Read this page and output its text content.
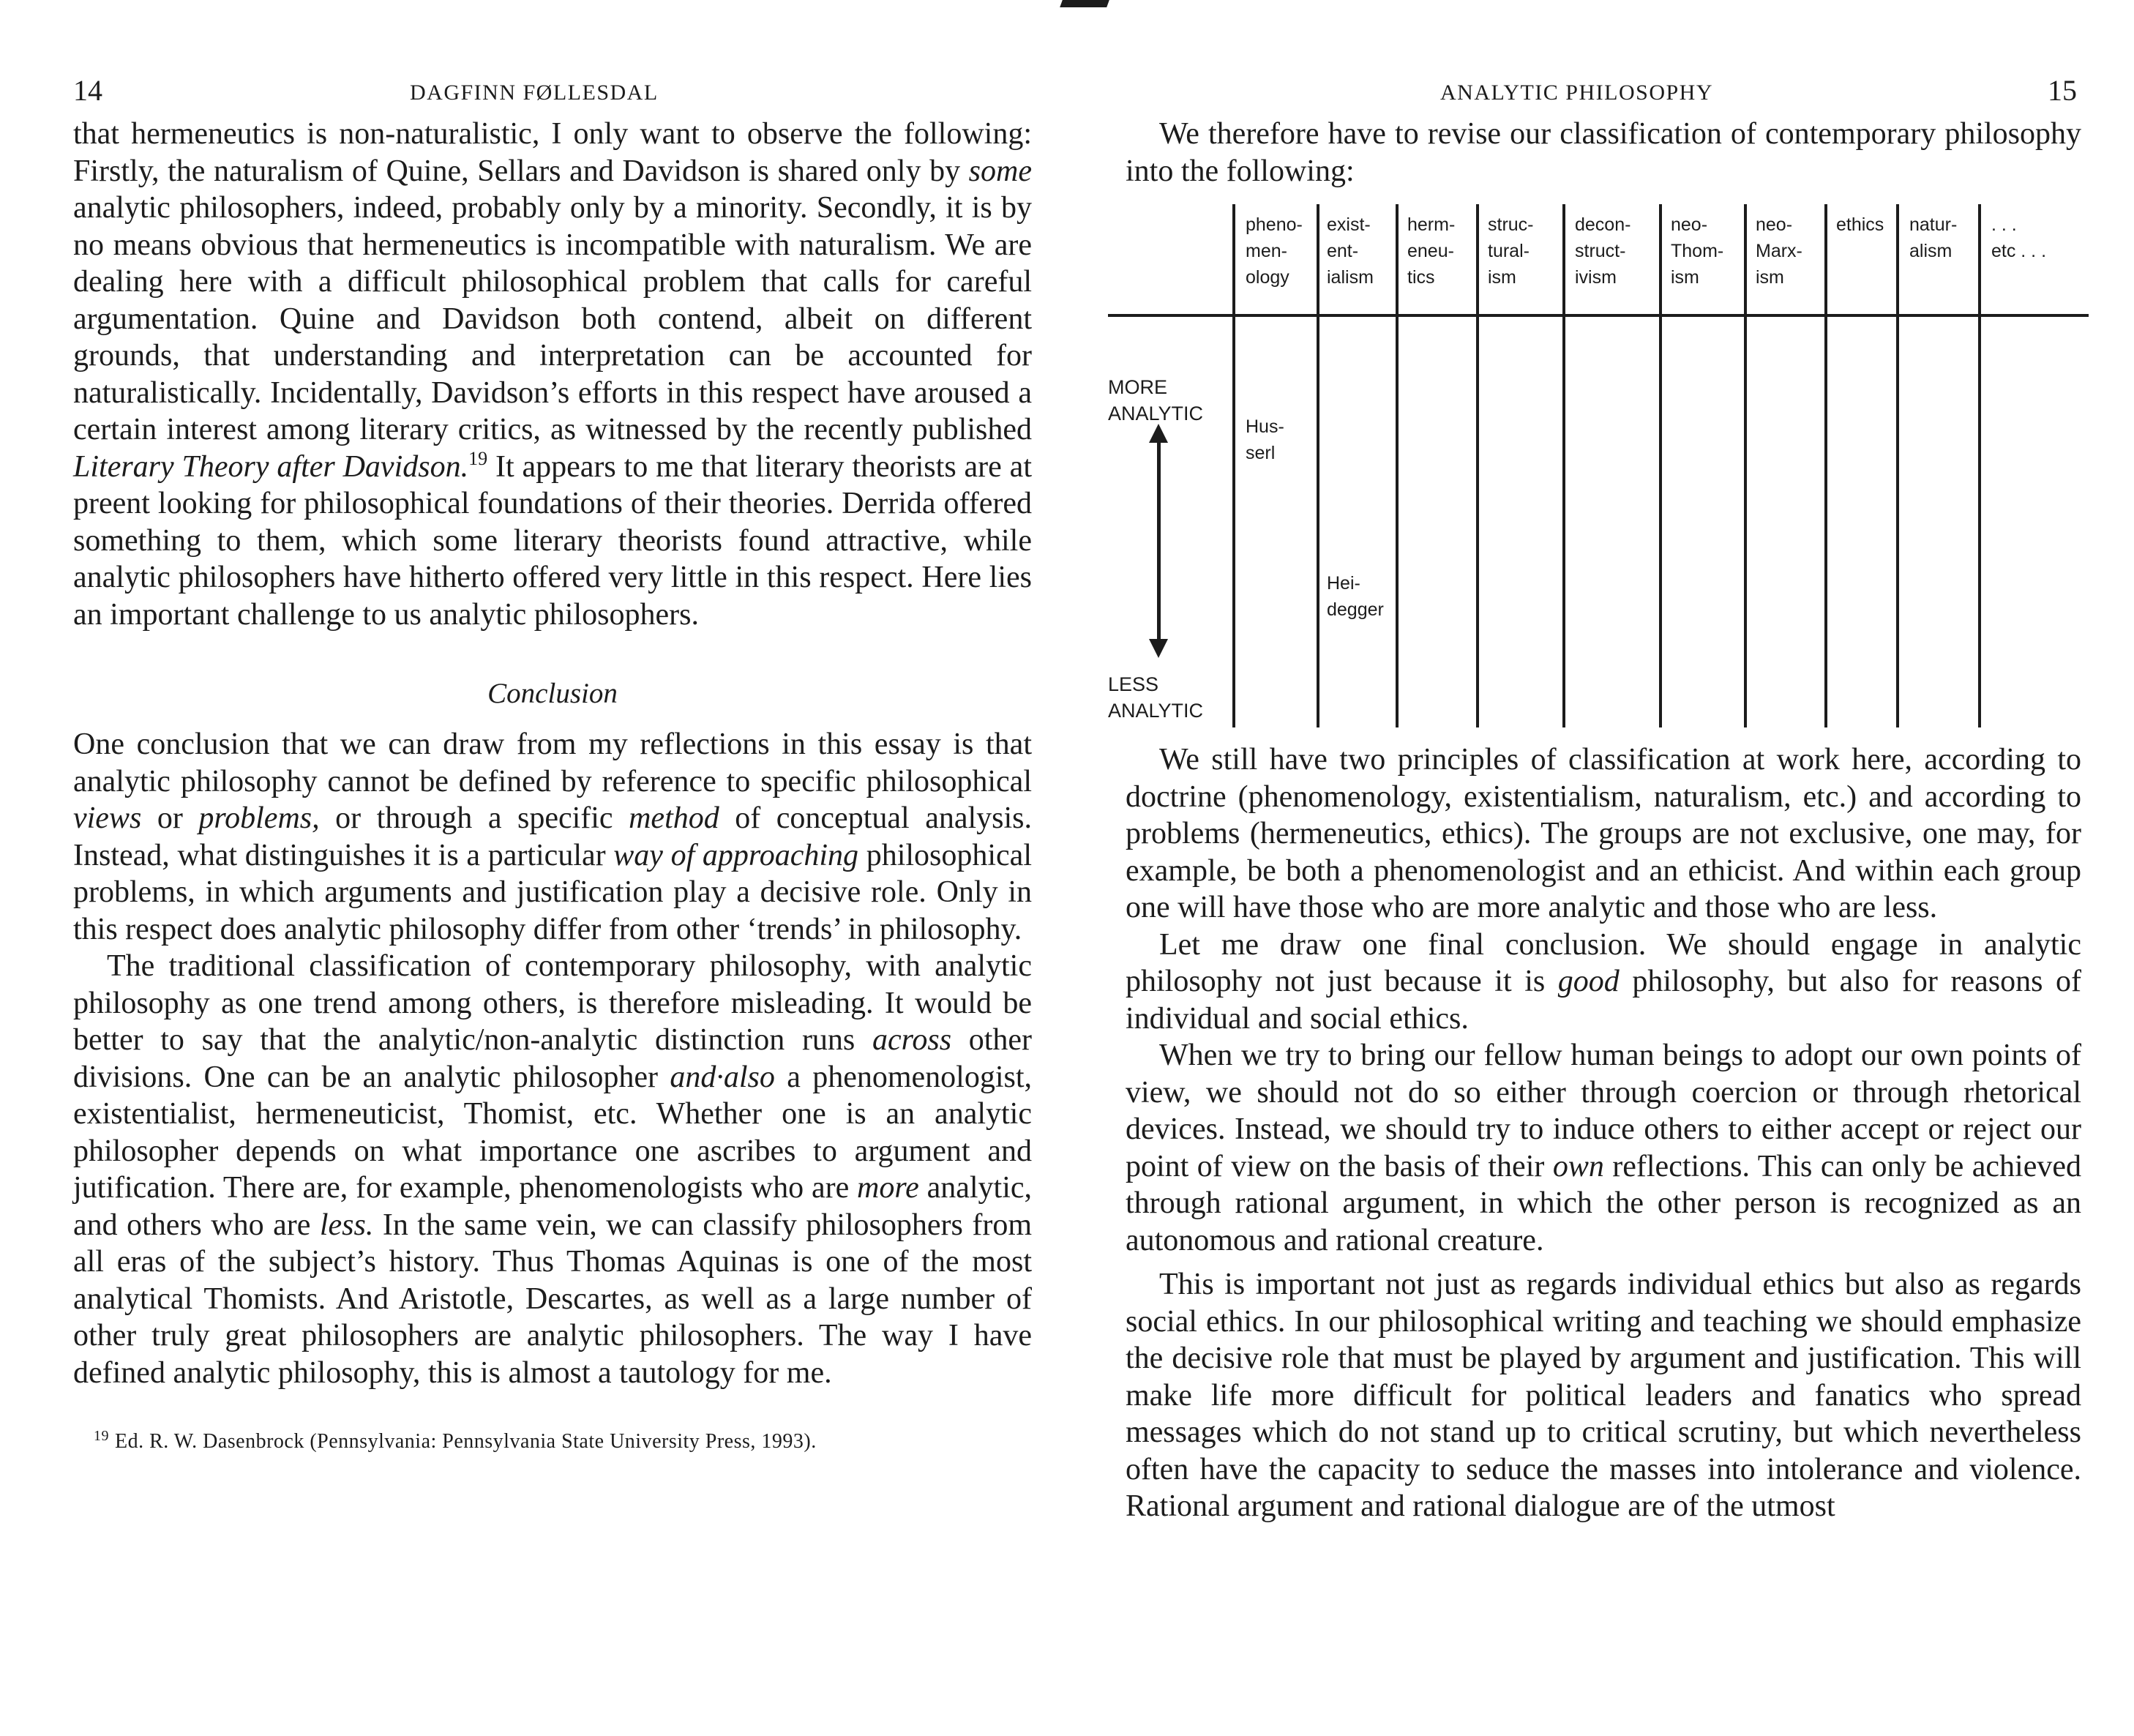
14	DAGFINN FØLLESDAL

that hermeneutics is non-naturalistic, I only want to observe the following: Firstly, the naturalism of Quine, Sellars and Davidson is shared only by some analytic philosophers, indeed, probably only by a minority. Secondly, it is by no means obvious that hermeneutics is incompatible with naturalism. We are dealing here with a difficult philosophical problem that calls for careful argumentation. Quine and Davidson both contend, albeit on different grounds, that understanding and interpretation can be accounted for naturalistically. Incidentally, Davidson’s efforts in this respect have aroused a certain interest among literary critics, as witnessed by the recently published Literary Theory after Davidson.$^{19}$ It appears to me that literary theorists are at preent looking for philosophical foundations of their theories. Derrida offered something to them, which some literary theorists found attractive, while analytic philosophers have hitherto offered very little in this respect. Here lies an important challenge to us analytic philosophers.

Conclusion

One conclusion that we can draw from my reflections in this essay is that analytic philosophy cannot be defined by reference to specific philosophical views or problems, or through a specific method of conceptual analysis. Instead, what distinguishes it is a particular way of approaching philosophical problems, in which arguments and justification play a decisive role. Only in this respect does analytic philosophy differ from other ‘trends’ in philosophy.

The traditional classification of contemporary philosophy, with analytic philosophy as one trend among others, is therefore misleading. It would be better to say that the analytic/non-analytic distinction runs across other divisions. One can be an analytic philosopher and·also a phenomenologist, existentialist, hermeneuticist, Thomist, etc. Whether one is an analytic philosopher depends on what importance one ascribes to argument and jutification. There are, for example, phenomenologists who are more analytic, and others who are less. In the same vein, we can classify philosophers from all eras of the subject’s history. Thus Thomas Aquinas is one of the most analytical Thomists. And Aristotle, Descartes, as well as a large number of other truly great philosophers are analytic philosophers. The way I have defined analytic philosophy, this is almost a tautology for me.

$^{19}$ Ed. R. W. Dasenbrock (Pennsylvania: Pennsylvania State University Press, 1993).
ANALYTIC PHILOSOPHY	15

We therefore have to revise our classification of contemporary philosophy into the following:

pheno-
men-
ology
exist-
ent-
ialism
herm-
eneu-
tics
struc-
tural-
ism
decon-
struct-
ivism
neo-
Thom-
ism
neo-
Marx-
ism
ethics natur-
alism
. . .
etc . . .
MORE
ANALYTIC
LESS
ANALYTIC
Hus-
serl
Hei-
degger

We still have two principles of classification at work here, according to doctrine (phenomenology, existentialism, naturalism, etc.) and according to problems (hermeneutics, ethics). The groups are not exclusive, one may, for example, be both a phenomenologist and an ethicist. And within each group one will have those who are more analytic and those who are less.

Let me draw one final conclusion. We should engage in analytic philosophy not just because it is good philosophy, but also for reasons of individual and social ethics.

When we try to bring our fellow human beings to adopt our own points of view, we should not do so either through coercion or through rhetorical devices. Instead, we should try to induce others to either accept or reject our point of view on the basis of their own reflections. This can only be achieved through rational argument, in which the other person is recognized as an autonomous and rational creature.

This is important not just as regards individual ethics but also as regards social ethics. In our philosophical writing and teaching we should emphasize the decisive role that must be played by argument and justification. This will make life more difficult for political leaders and fanatics who spread messages which do not stand up to critical scrutiny, but which nevertheless often have the capacity to seduce the masses into intolerance and violence. Rational argument and rational dialogue are of the utmost
